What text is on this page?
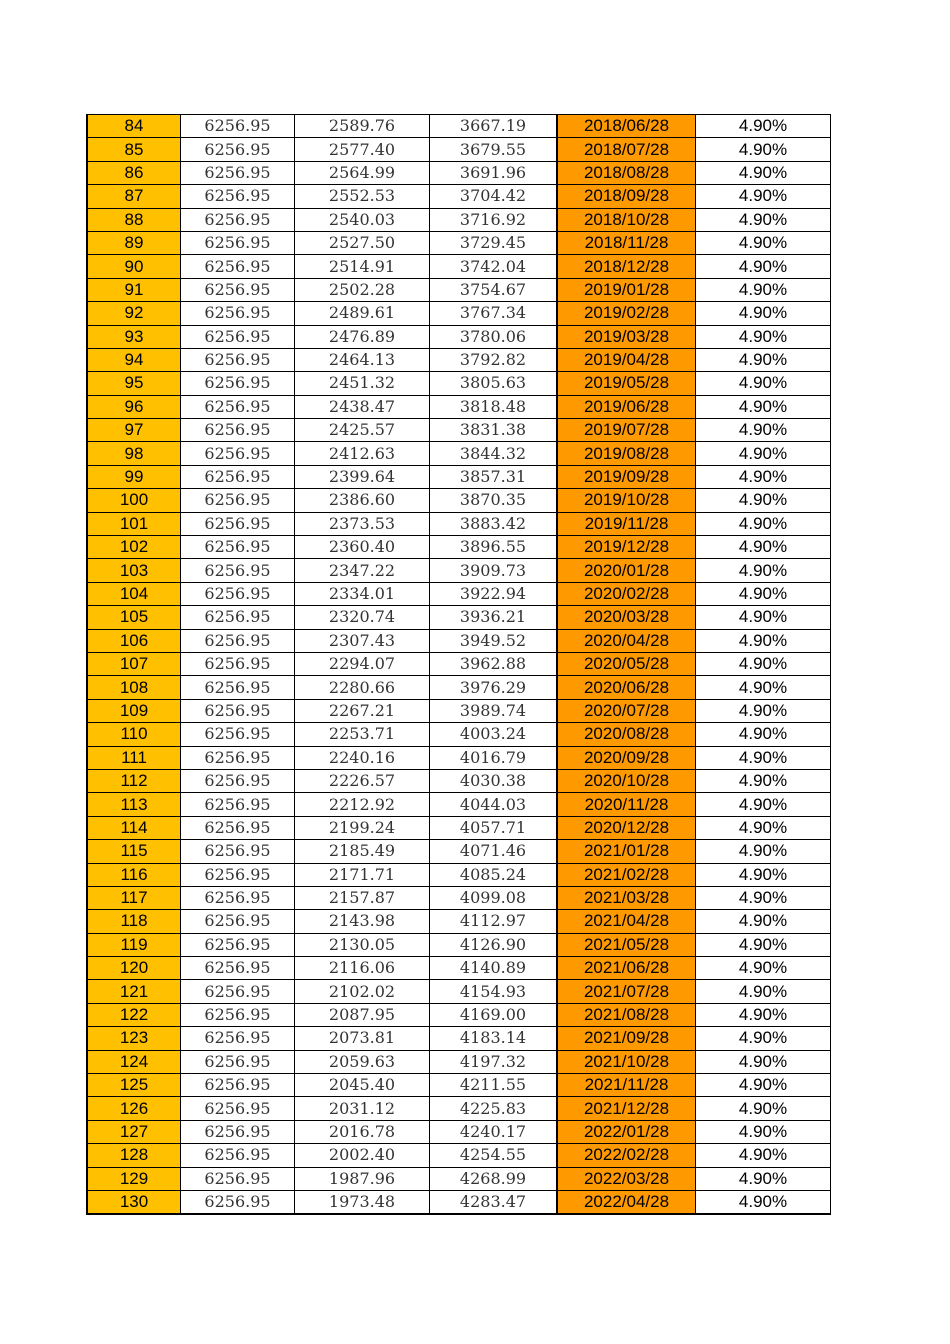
84	6256.95	2589.76	3667.19	2018/06/28	4.90%
85	6256.95	2577.40	3679.55	2018/07/28	4.90%
86	6256.95	2564.99	3691.96	2018/08/28	4.90%
87	6256.95	2552.53	3704.42	2018/09/28	4.90%
88	6256.95	2540.03	3716.92	2018/10/28	4.90%
89	6256.95	2527.50	3729.45	2018/11/28	4.90%
90	6256.95	2514.91	3742.04	2018/12/28	4.90%
91	6256.95	2502.28	3754.67	2019/01/28	4.90%
92	6256.95	2489.61	3767.34	2019/02/28	4.90%
93	6256.95	2476.89	3780.06	2019/03/28	4.90%
94	6256.95	2464.13	3792.82	2019/04/28	4.90%
95	6256.95	2451.32	3805.63	2019/05/28	4.90%
96	6256.95	2438.47	3818.48	2019/06/28	4.90%
97	6256.95	2425.57	3831.38	2019/07/28	4.90%
98	6256.95	2412.63	3844.32	2019/08/28	4.90%
99	6256.95	2399.64	3857.31	2019/09/28	4.90%
100	6256.95	2386.60	3870.35	2019/10/28	4.90%
101	6256.95	2373.53	3883.42	2019/11/28	4.90%
102	6256.95	2360.40	3896.55	2019/12/28	4.90%
103	6256.95	2347.22	3909.73	2020/01/28	4.90%
104	6256.95	2334.01	3922.94	2020/02/28	4.90%
105	6256.95	2320.74	3936.21	2020/03/28	4.90%
106	6256.95	2307.43	3949.52	2020/04/28	4.90%
107	6256.95	2294.07	3962.88	2020/05/28	4.90%
108	6256.95	2280.66	3976.29	2020/06/28	4.90%
109	6256.95	2267.21	3989.74	2020/07/28	4.90%
110	6256.95	2253.71	4003.24	2020/08/28	4.90%
111	6256.95	2240.16	4016.79	2020/09/28	4.90%
112	6256.95	2226.57	4030.38	2020/10/28	4.90%
113	6256.95	2212.92	4044.03	2020/11/28	4.90%
114	6256.95	2199.24	4057.71	2020/12/28	4.90%
115	6256.95	2185.49	4071.46	2021/01/28	4.90%
116	6256.95	2171.71	4085.24	2021/02/28	4.90%
117	6256.95	2157.87	4099.08	2021/03/28	4.90%
118	6256.95	2143.98	4112.97	2021/04/28	4.90%
119	6256.95	2130.05	4126.90	2021/05/28	4.90%
120	6256.95	2116.06	4140.89	2021/06/28	4.90%
121	6256.95	2102.02	4154.93	2021/07/28	4.90%
122	6256.95	2087.95	4169.00	2021/08/28	4.90%
123	6256.95	2073.81	4183.14	2021/09/28	4.90%
124	6256.95	2059.63	4197.32	2021/10/28	4.90%
125	6256.95	2045.40	4211.55	2021/11/28	4.90%
126	6256.95	2031.12	4225.83	2021/12/28	4.90%
127	6256.95	2016.78	4240.17	2022/01/28	4.90%
128	6256.95	2002.40	4254.55	2022/02/28	4.90%
129	6256.95	1987.96	4268.99	2022/03/28	4.90%
130	6256.95	1973.48	4283.47	2022/04/28	4.90%
